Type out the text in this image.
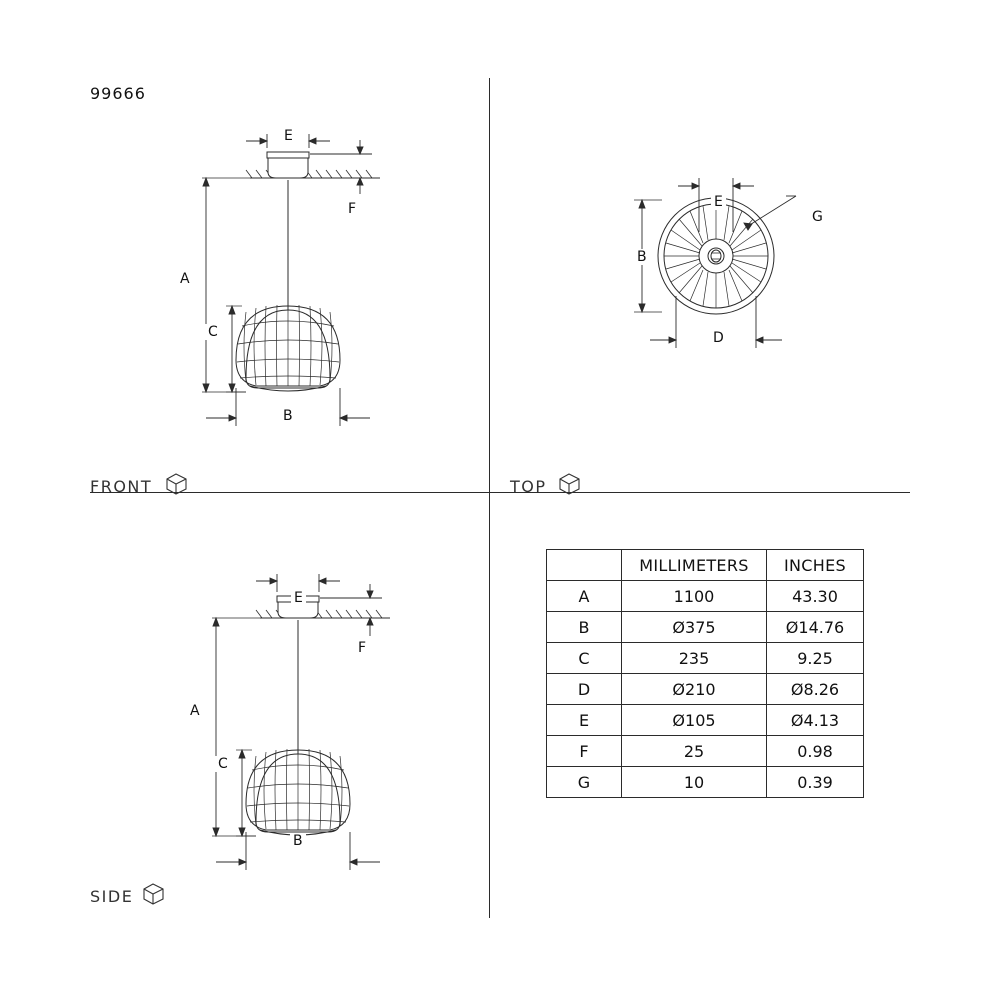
99666
E
F
A
C
B
FRONT
E
G
B
D
TOP
E
F
A
C
B
SIDE
	MILLIMETERS	INCHES
A	1100	43.30
B	Ø375	Ø14.76
C	235	9.25
D	Ø210	Ø8.26
E	Ø105	Ø4.13
F	25	0.98
G	10	0.39
